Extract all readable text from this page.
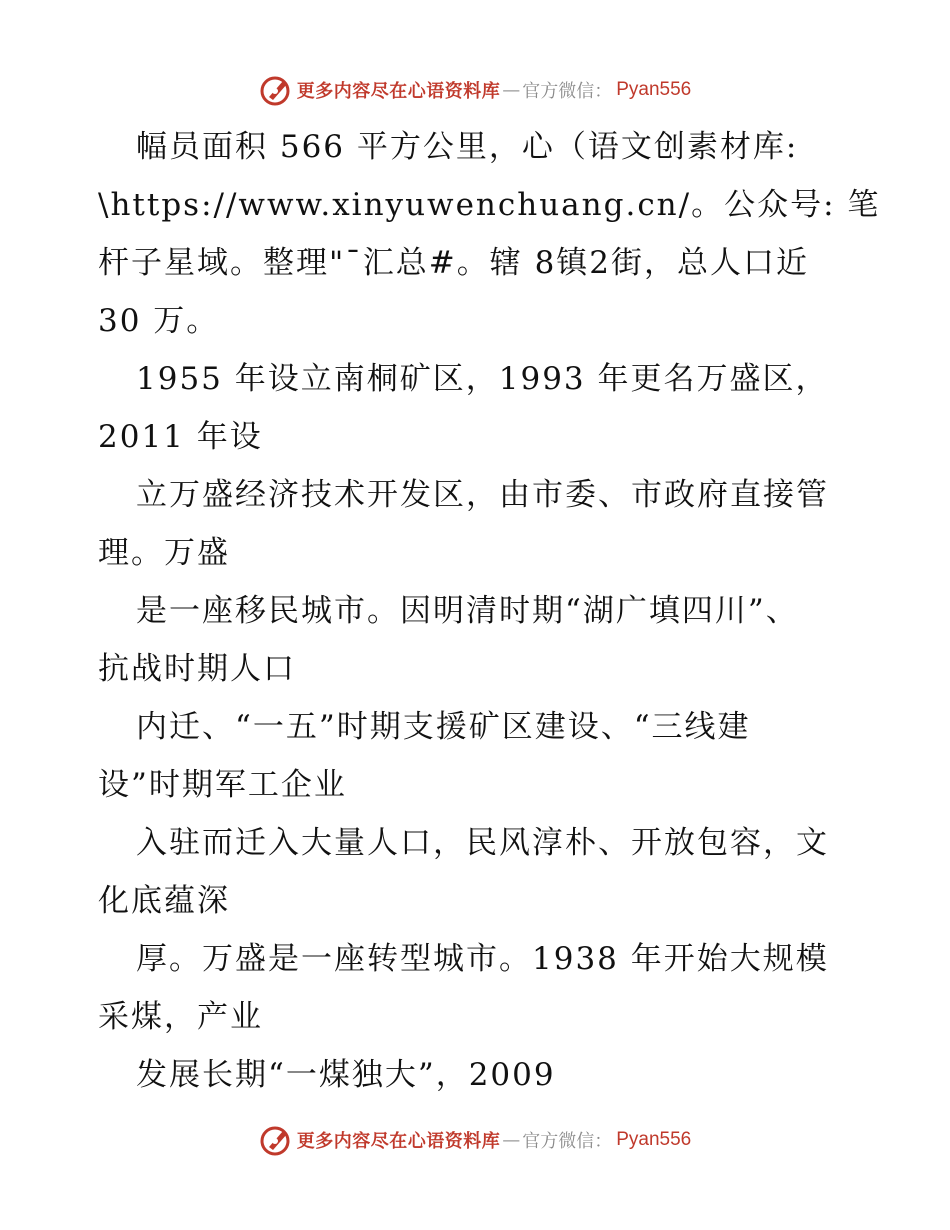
更多内容尽在心语资料库 — 官方微信： Pyan556
幅员面积 566 平方公里，心（语文创素材库:
\https://www.xinyuwenchuang.cn/。公众号: 笔
杆子星域。整理"¯汇总#。辖 8镇2街，总人口近
30 万。
1955 年设立南桐矿区，1993 年更名万盛区，
2011 年设
立万盛经济技术开发区，由市委、市政府直接管
理。万盛
是一座移民城市。因明清时期“湖广填四川”、
抗战时期人口
内迁、“一五”时期支援矿区建设、“三线建
设”时期军工企业
入驻而迁入大量人口，民风淳朴、开放包容，文
化底蕴深
厚。万盛是一座转型城市。1938 年开始大规模
采煤，产业
发展长期“一煤独大”，2009
更多内容尽在心语资料库 — 官方微信： Pyan556
